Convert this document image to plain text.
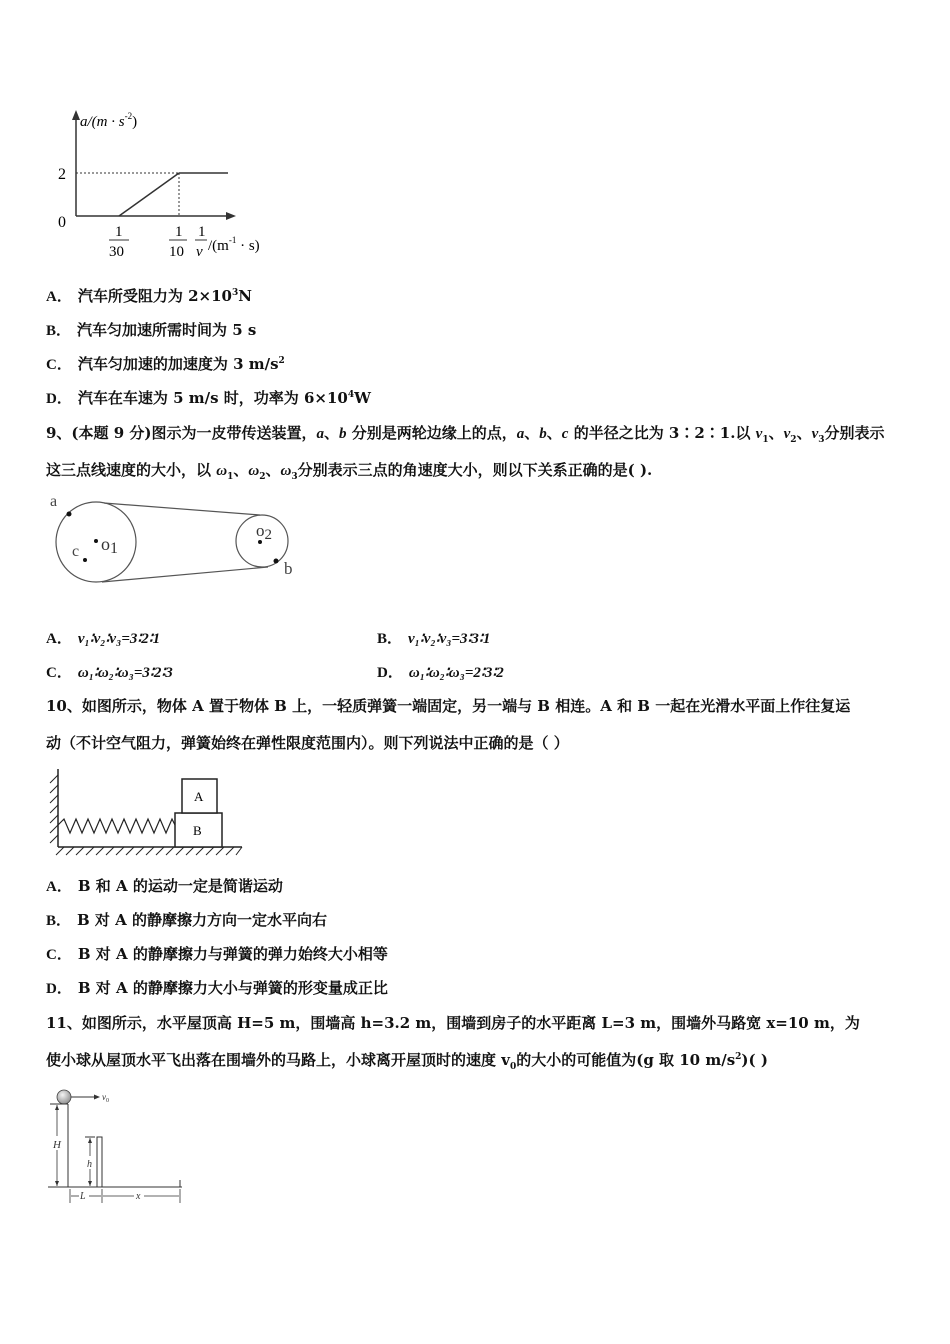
$a/(m \cdot s^{-2})$
2
0
1
30
1
10
1
v $/(m^{-1} \cdot s)$
A． 汽车所受阻力为 $2\times 10^3N$
B． 汽车匀加速所需时间为 5 s
C． 汽车匀加速的加速度为 3 $m/s^2$
D． 汽车在车速为 5 m/s 时，功率为 $6\times 10^4W$
9、(本题 9 分)图示为一皮带传送装置，a、b 分别是两轮边缘上的点，a、b、c 的半径之比为 3∶2∶1.以 $v_1$、$v_2$、$v_3$分别表示
这三点线速度的大小，以 $\omega_1$、$\omega_2$、$\omega_3$分别表示三点的角速度大小，则以下关系正确的是( ).
a
c o1
o2
b
A． v₁∶v₂∶v₃=3∶2∶1	B． v₁∶v₂∶v₃=3∶3∶1
C． ω₁∶ω₂∶ω₃=3∶2∶3	D． ω₁∶ω₂∶ω₃=2∶3∶2
10、如图所示，物体 A 置于物体 B 上，一轻质弹簧一端固定，另一端与 B 相连。A 和 B 一起在光滑水平面上作往复运
动（不计空气阻力，弹簧始终在弹性限度范围内）。则下列说法中正确的是（ ）
A
B
A． B 和 A 的运动一定是简谐运动
B． B 对 A 的静摩擦力方向一定水平向右
C． B 对 A 的静摩擦力与弹簧的弹力始终大小相等
D． B 对 A 的静摩擦力大小与弹簧的形变量成正比
11、如图所示，水平屋顶高 H=5 m，围墙高 h=3.2 m，围墙到房子的水平距离 L=3 m，围墙外马路宽 x=10 m，为
使小球从屋顶水平飞出落在围墙外的马路上，小球离开屋顶时的速度 $v_0$的大小的可能值为(g 取 10 $m/s^2$)( )
$v_0$
H
h
L	x
